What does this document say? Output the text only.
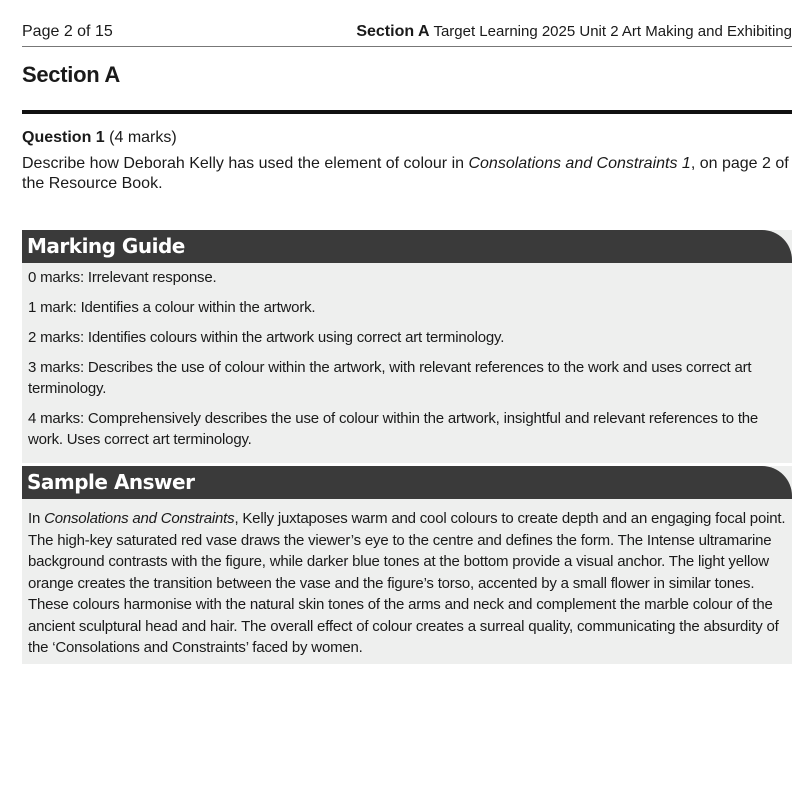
Page 2 of 15	Section A Target Learning 2025 Unit 2 Art Making and Exhibiting
Section A
Question 1 (4 marks)
Describe how Deborah Kelly has used the element of colour in Consolations and Constraints 1, on page 2 of the Resource Book.
Marking Guide
0 marks: Irrelevant response.
1 mark: Identifies a colour within the artwork.
2 marks: Identifies colours within the artwork using correct art terminology.
3 marks: Describes the use of colour within the artwork, with relevant references to the work and uses correct art terminology.
4 marks: Comprehensively describes the use of colour within the artwork, insightful and relevant references to the work. Uses correct art terminology.
Sample Answer

In Consolations and Constraints, Kelly juxtaposes warm and cool colours to create depth and an engaging focal point. The high-key saturated red vase draws the viewer’s eye to the centre and defines the form. The Intense ultramarine background contrasts with the figure, while darker blue tones at the bottom provide a visual anchor. The light yellow orange creates the transition between the vase and the figure’s torso, accented by a small flower in similar tones. These colours harmonise with the natural skin tones of the arms and neck and complement the marble colour of the ancient sculptural head and hair. The overall effect of colour creates a surreal quality, communicating the absurdity of the ‘Consolations and Constraints’ faced by women.
